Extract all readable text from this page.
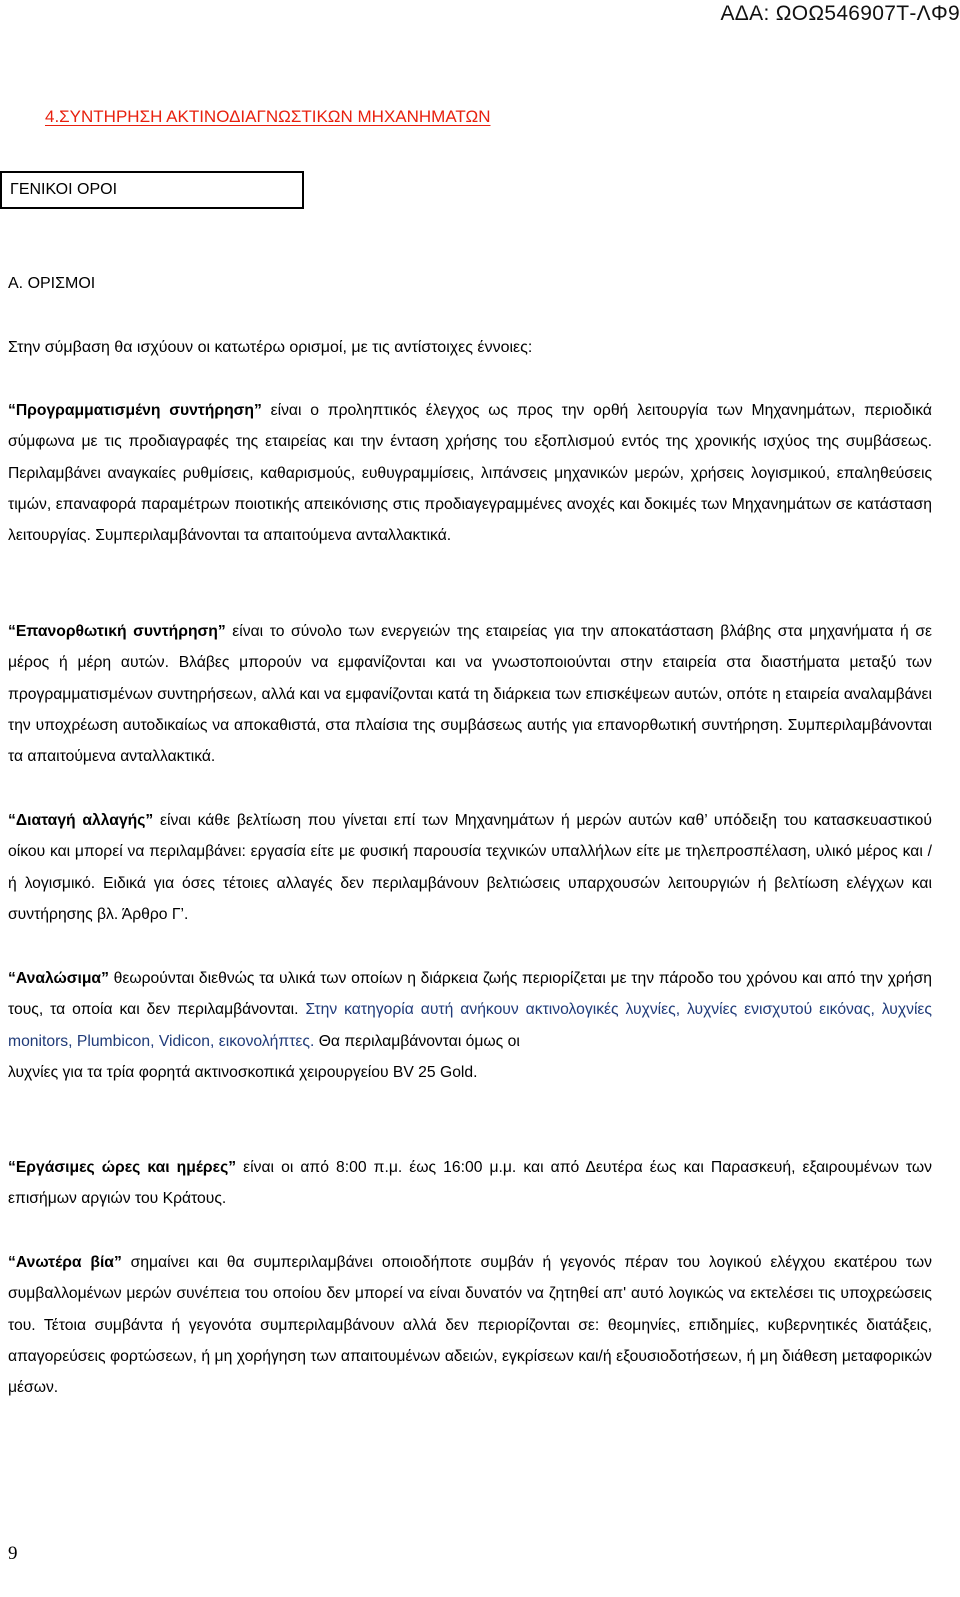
ΑΔΑ: ΩΟΩ546907Τ-ΛΦ9
4.ΣΥΝΤΗΡΗΣΗ ΑΚΤΙΝΟΔΙΑΓΝΩΣΤΙΚΩΝ ΜΗΧΑΝΗΜΑΤΩΝ
ΓΕΝΙΚΟΙ ΟΡΟΙ
Α. ΟΡΙΣΜΟΙ
Στην σύμβαση θα ισχύουν οι κατωτέρω ορισμοί, με τις αντίστοιχες έννοιες:

“Προγραμματισμένη συντήρηση” είναι ο προληπτικός έλεγχος ως προς την ορθή λειτουργία των Μηχανημάτων, περιοδικά σύμφωνα με τις προδιαγραφές της εταιρείας και την ένταση χρήσης του εξοπλισμού εντός της χρονικής ισχύος της συμβάσεως. Περιλαμβάνει αναγκαίες ρυθμίσεις, καθαρισμούς, ευθυγραμμίσεις, λιπάνσεις μηχανικών μερών, χρήσεις λογισμικού, επαληθεύσεις τιμών, επαναφορά παραμέτρων ποιοτικής απεικόνισης στις προδιαγεγραμμένες ανοχές και δοκιμές των Μηχανημάτων σε κατάσταση λειτουργίας. Συμπεριλαμβάνονται τα απαιτούμενα ανταλλακτικά.

“Επανορθωτική συντήρηση” είναι το σύνολο των ενεργειών της εταιρείας για την αποκατάσταση βλάβης στα μηχανήματα ή σε μέρος ή μέρη αυτών. Βλάβες μπορούν να εμφανίζονται και να γνωστοποιούνται στην εταιρεία στα διαστήματα μεταξύ των προγραμματισμένων συντηρήσεων, αλλά και να εμφανίζονται κατά τη διάρκεια των επισκέψεων αυτών, οπότε η εταιρεία αναλαμβάνει την υποχρέωση αυτοδικαίως να αποκαθιστά, στα πλαίσια της συμβάσεως αυτής για επανορθωτική συντήρηση. Συμπεριλαμβάνονται τα απαιτούμενα ανταλλακτικά.

“Διαταγή αλλαγής” είναι κάθε βελτίωση που γίνεται επί των Μηχανημάτων ή μερών αυτών καθ’ υπόδειξη του κατασκευαστικού οίκου και μπορεί να περιλαμβάνει: εργασία είτε με φυσική παρουσία τεχνικών υπαλλήλων είτε με τηλεπροσπέλαση, υλικό μέρος και /ή λογισμικό. Ειδικά για όσες τέτοιες αλλαγές δεν περιλαμβάνουν βελτιώσεις υπαρχουσών λειτουργιών ή βελτίωση ελέγχων και συντήρησης βλ. Άρθρο Γ’.

“Αναλώσιμα” θεωρούνται διεθνώς τα υλικά των οποίων η διάρκεια ζωής περιορίζεται με την πάροδο του χρόνου και από την χρήση τους, τα οποία και δεν περιλαμβάνονται. Στην κατηγορία αυτή ανήκουν ακτινολογικές λυχνίες, λυχνίες ενισχυτού εικόνας, λυχνίες monitors, Plumbicon, Vidicon, εικονολήπτες. Θα περιλαμβάνονται όμως οι
λυχνίες για τα τρία φορητά ακτινοσκοπικά χειρουργείου BV 25 Gold.

“Εργάσιμες ώρες και ημέρες” είναι οι από 8:00 π.μ. έως 16:00 μ.μ. και από Δευτέρα έως και Παρασκευή, εξαιρουμένων των επισήμων αργιών του Κράτους.

“Ανωτέρα βία” σημαίνει και θα συμπεριλαμβάνει οποιοδήποτε συμβάν ή γεγονός πέραν του λογικού ελέγχου εκατέρου των συμβαλλομένων μερών συνέπεια του οποίου δεν μπορεί να είναι δυνατόν να ζητηθεί απ' αυτό λογικώς να εκτελέσει τις υποχρεώσεις του. Τέτοια συμβάντα ή γεγονότα συμπεριλαμβάνουν αλλά δεν περιορίζονται σε: θεομηνίες, επιδημίες, κυβερνητικές διατάξεις, απαγορεύσεις φορτώσεων, ή μη χορήγηση των απαιτουμένων αδειών, εγκρίσεων και/ή εξουσιοδοτήσεων, ή μη διάθεση μεταφορικών μέσων.

9
